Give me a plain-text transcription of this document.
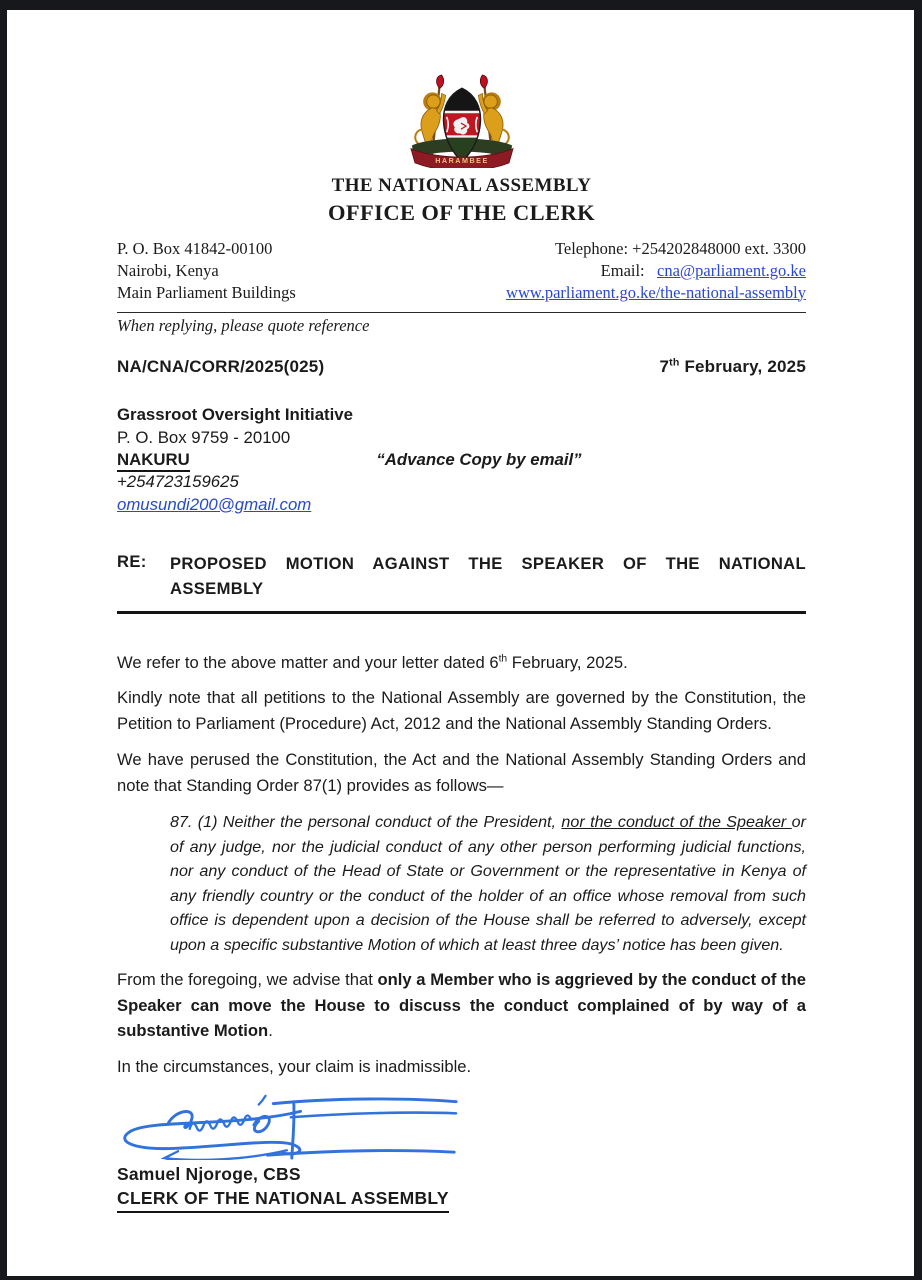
HARAMBEE
THE NATIONAL ASSEMBLY
OFFICE OF THE CLERK
P. O. Box 41842-00100
Nairobi, Kenya
Main Parliament Buildings
Telephone: +254202848000 ext. 3300
Email: cna@parliament.go.ke
www.parliament.go.ke/the-national-assembly
When replying, please quote reference
NA/CNA/CORR/2025(025)	7th February, 2025
Grassroot Oversight Initiative
P. O. Box 9759 - 20100
NAKURU	“Advance Copy by email”
+254723159625
omusundi200@gmail.com
RE:	PROPOSED MOTION AGAINST THE SPEAKER OF THE NATIONAL ASSEMBLY

We refer to the above matter and your letter dated 6th February, 2025.

Kindly note that all petitions to the National Assembly are governed by the Constitution, the Petition to Parliament (Procedure) Act, 2012 and the National Assembly Standing Orders.

We have perused the Constitution, the Act and the National Assembly Standing Orders and note that Standing Order 87(1) provides as follows—

87. (1) Neither the personal conduct of the President, nor the conduct of the Speaker or of any judge, nor the judicial conduct of any other person performing judicial functions, nor any conduct of the Head of State or Government or the representative in Kenya of any friendly country or the conduct of the holder of an office whose removal from such office is dependent upon a decision of the House shall be referred to adversely, except upon a specific substantive Motion of which at least three days’ notice has been given.

From the foregoing, we advise that only a Member who is aggrieved by the conduct of the Speaker can move the House to discuss the conduct complained of by way of a substantive Motion.

In the circumstances, your claim is inadmissible.

Samuel Njoroge, CBS
CLERK OF THE NATIONAL ASSEMBLY
